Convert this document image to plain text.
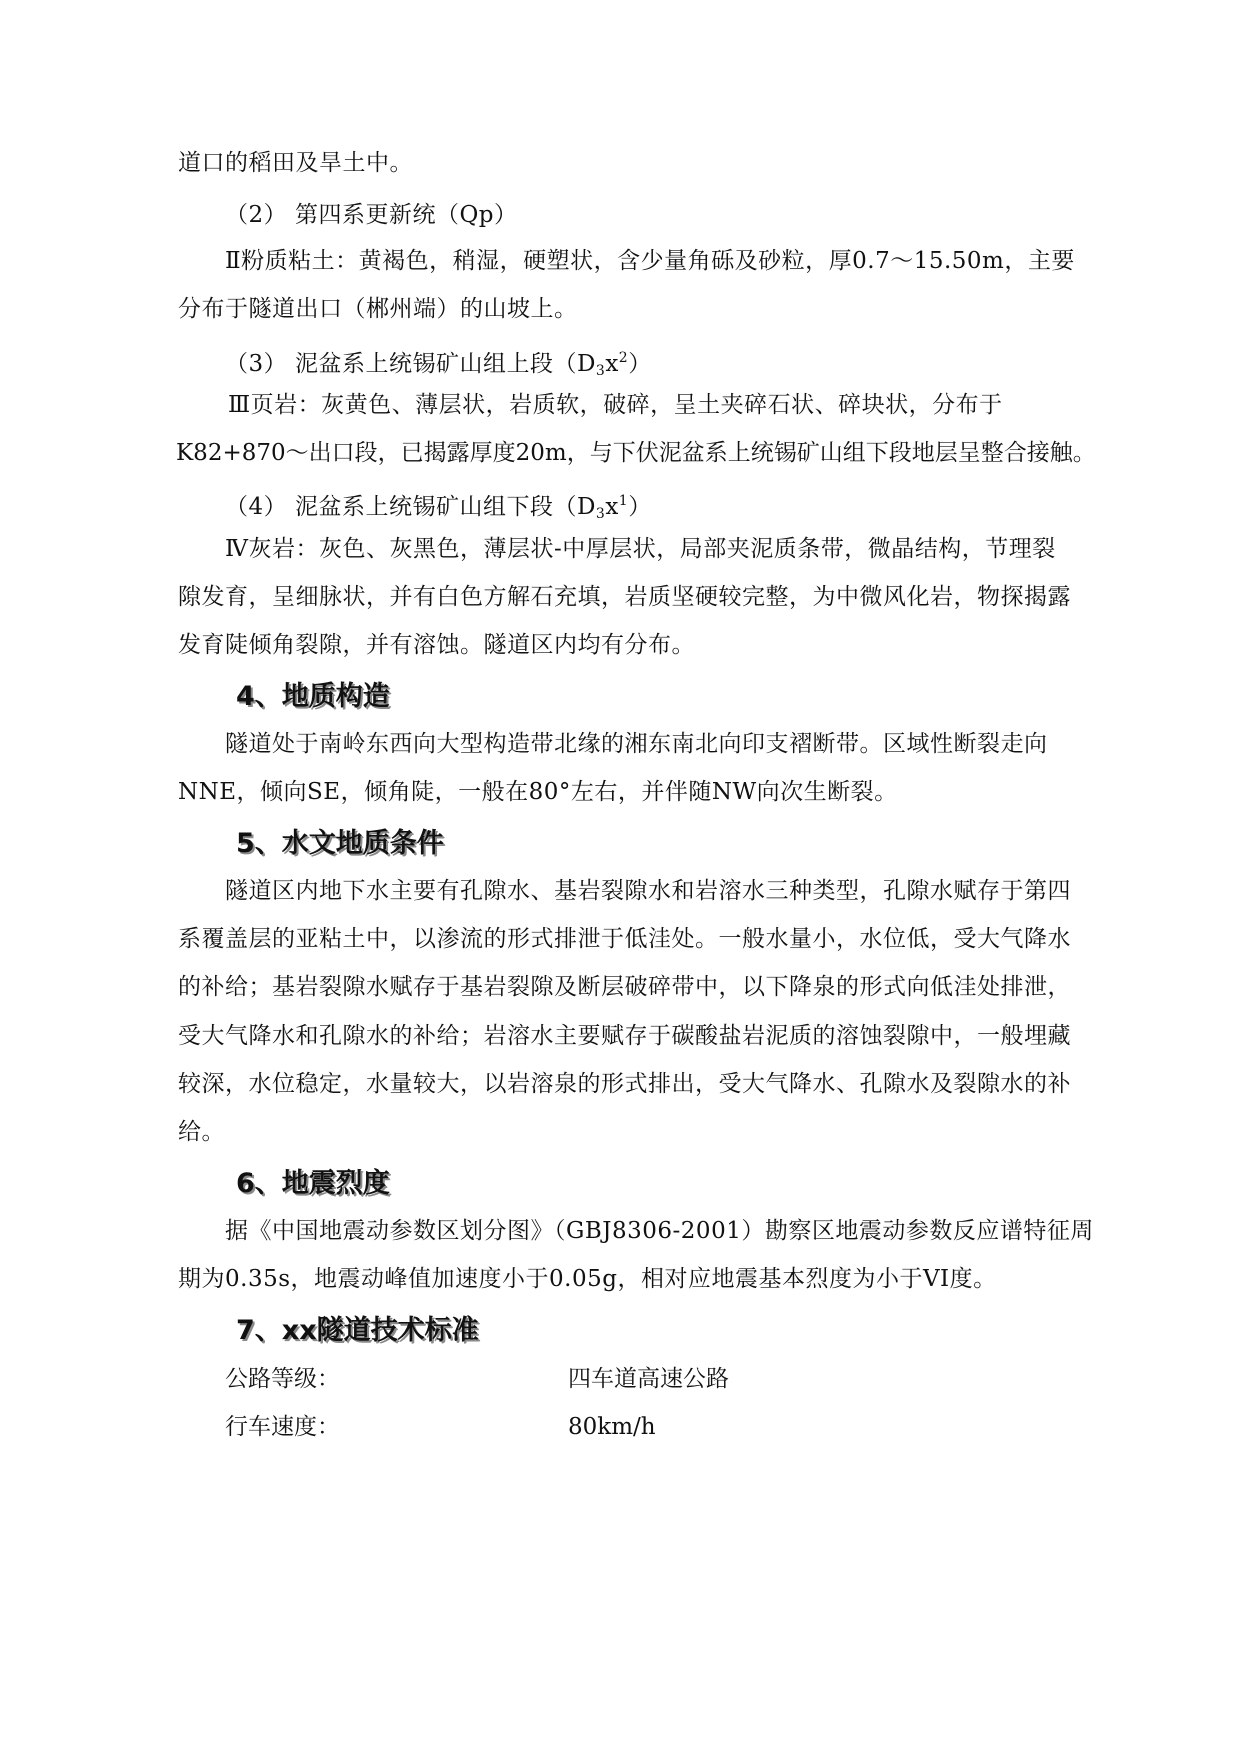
道口的稻田及旱土中。
（2） 第四系更新统（Qp）
Ⅱ粉质粘土：黄褐色，稍湿，硬塑状，含少量角砾及砂粒，厚0.7～15.50m，主要
分布于隧道出口（郴州端）的山坡上。
（3） 泥盆系上统锡矿山组上段$(D_3x^2)$
Ⅲ页岩：灰黄色、薄层状，岩质软，破碎，呈土夹碎石状、碎块状，分布于
K82+870～出口段，已揭露厚度20m，与下伏泥盆系上统锡矿山组下段地层呈整合接触。
（4） 泥盆系上统锡矿山组下段$(D_3x^1)$
Ⅳ灰岩：灰色、灰黑色，薄层状-中厚层状，局部夹泥质条带，微晶结构，节理裂
隙发育，呈细脉状，并有白色方解石充填，岩质坚硬较完整，为中微风化岩，物探揭露
发育陡倾角裂隙，并有溶蚀。隧道区内均有分布。
4、地质构造
隧道处于南岭东西向大型构造带北缘的湘东南北向印支褶断带。区域性断裂走向
NNE，倾向SE，倾角陡，一般在80°左右，并伴随NW向次生断裂。
5、水文地质条件
隧道区内地下水主要有孔隙水、基岩裂隙水和岩溶水三种类型，孔隙水赋存于第四
系覆盖层的亚粘土中，以渗流的形式排泄于低洼处。一般水量小，水位低，受大气降水
的补给；基岩裂隙水赋存于基岩裂隙及断层破碎带中，以下降泉的形式向低洼处排泄，
受大气降水和孔隙水的补给；岩溶水主要赋存于碳酸盐岩泥质的溶蚀裂隙中，一般埋藏
较深，水位稳定，水量较大，以岩溶泉的形式排出，受大气降水、孔隙水及裂隙水的补
给。
6、地震烈度
据《中国地震动参数区划分图》（GBJ8306-2001）勘察区地震动参数反应谱特征周
期为0.35s，地震动峰值加速度小于0.05g，相对应地震基本烈度为小于VI度。
7、xx隧道技术标准
公路等级：	四车道高速公路
行车速度：	80km/h
